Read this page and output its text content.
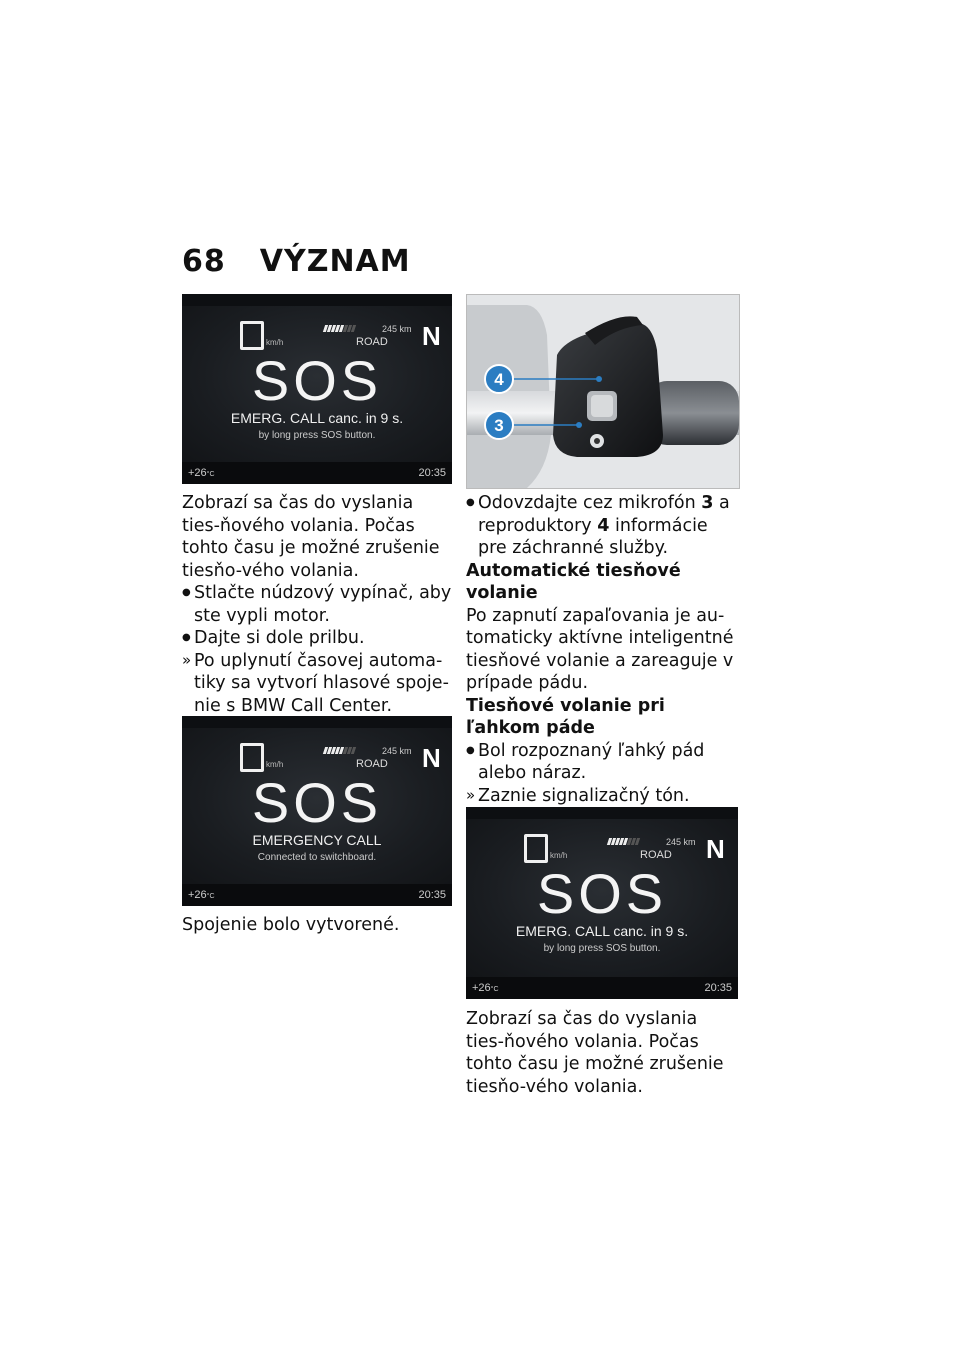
68 VÝZNAM
km/h
245 km
ROAD N
SOS
EMERG. CALL canc. in 9 s.
by long press SOS button.
+26°C	20:35
km/h
245 km
ROAD N
SOS
EMERGENCY CALL
Connected to switchboard.
+26°C	20:35
km/h
245 km
ROAD N
SOS
EMERG. CALL canc. in 9 s.
by long press SOS button.
+26°C	20:35
4
3

Zobrazí sa čas do vyslania ties-ňového volania. Počas tohto času je možné zrušenie tiesňo-vého volania.

● Stlačte núdzový vypínač, aby ste vypli motor.

● Dajte si dole prilbu.

» Po uplynutí časovej automa-tiky sa vytvorí hlasové spoje-nie s BMW Call Center.

Spojenie bolo vytvorené.

● Odovzdajte cez mikrofón 3 a reproduktory 4 informácie pre záchranné služby.

Automatické tiesňové volanie

Po zapnutí zapaľovania je au-tomaticky aktívne inteligentné tiesňové volanie a zareaguje v prípade pádu.

Tiesňové volanie pri ľahkom páde

● Bol rozpoznaný ľahký pád alebo náraz.

» Zaznie signalizačný tón.

Zobrazí sa čas do vyslania ties-ňového volania. Počas tohto času je možné zrušenie tiesňo-vého volania.
